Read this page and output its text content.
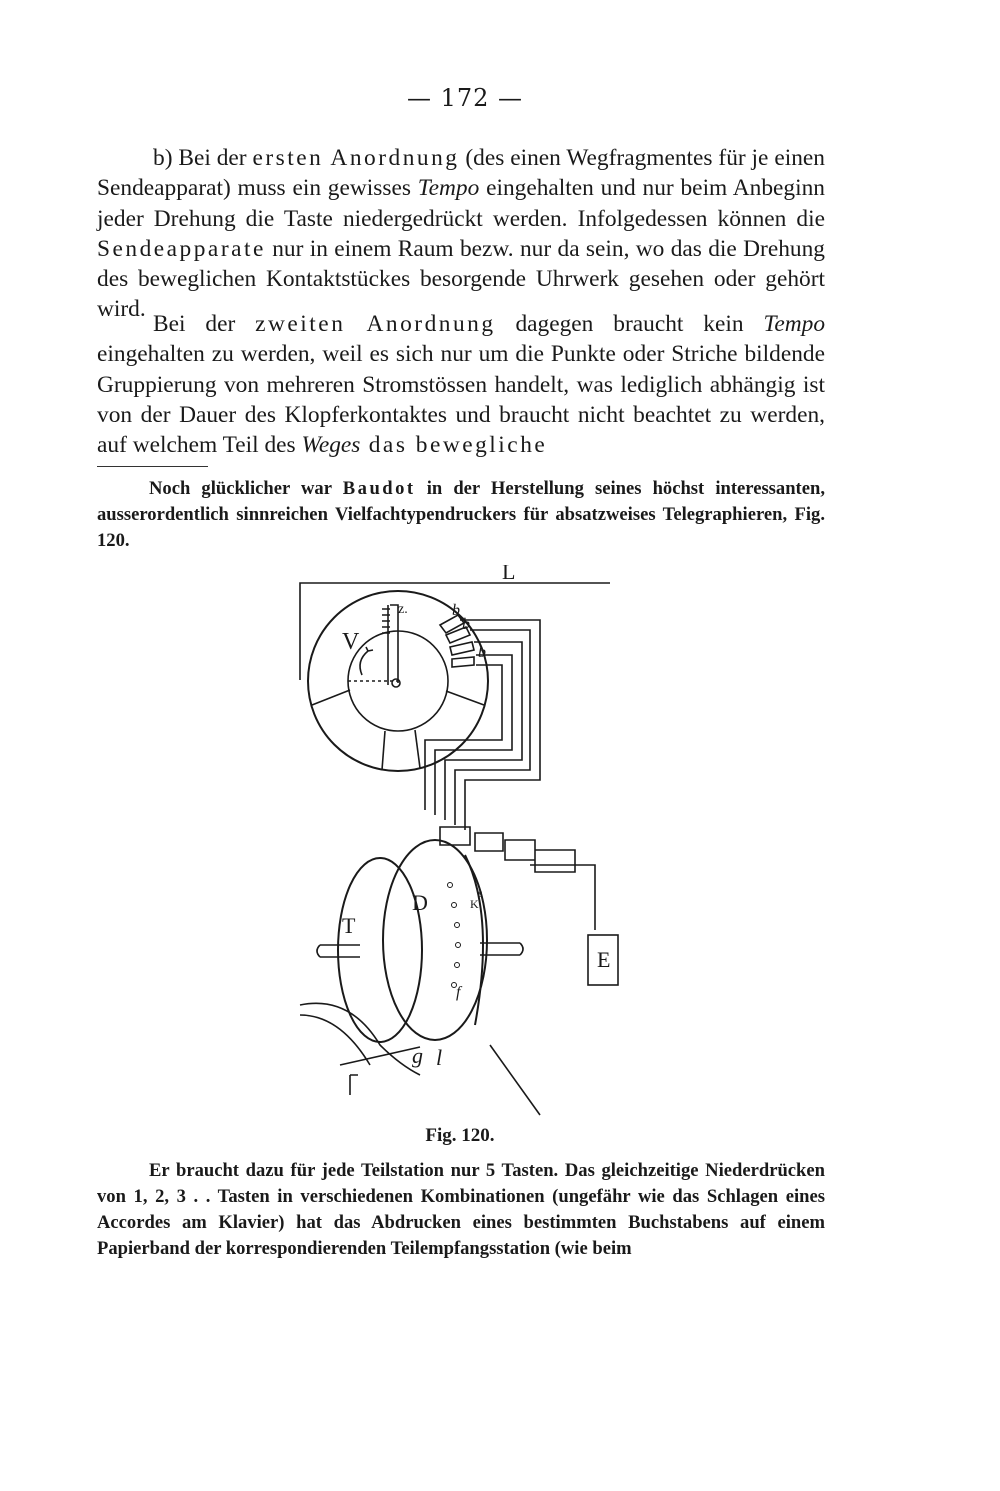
— 172 —

b) Bei der ersten Anordnung (des einen Wegfragmentes für je einen Sendeapparat) muss ein gewisses Tempo eingehalten und nur beim Anbeginn jeder Drehung die Taste niedergedrückt werden. Infolgedessen können die Sendeapparate nur in einem Raum bezw. nur da sein, wo das die Drehung des beweglichen Kontaktstückes besorgende Uhrwerk gesehen oder gehört wird.

Bei der zweiten Anordnung dagegen braucht kein Tempo eingehalten zu werden, weil es sich nur um die Punkte oder Striche bildende Gruppierung von mehreren Stromstössen handelt, was lediglich abhängig ist von der Dauer des Klopferkontaktes und braucht nicht beachtet zu werden, auf welchem Teil des Weges das bewegliche

Noch glücklicher war Baudot in der Herstellung seines höchst interessanten, ausserordentlich sinnreichen Vielfachtypendruckers für absatzweises Telegraphieren, Fig. 120.

L
z.	b
b
b
V
T
D
E
s
K
f
g l
Fig. 120.

Er braucht dazu für jede Teilstation nur 5 Tasten. Das gleichzeitige Niederdrücken von 1, 2, 3 . . Tasten in verschiedenen Kombinationen (ungefähr wie das Schlagen eines Accordes am Klavier) hat das Abdrucken eines bestimmten Buchstabens auf einem Papierband der korrespondierenden Teilempfangsstation (wie beim
